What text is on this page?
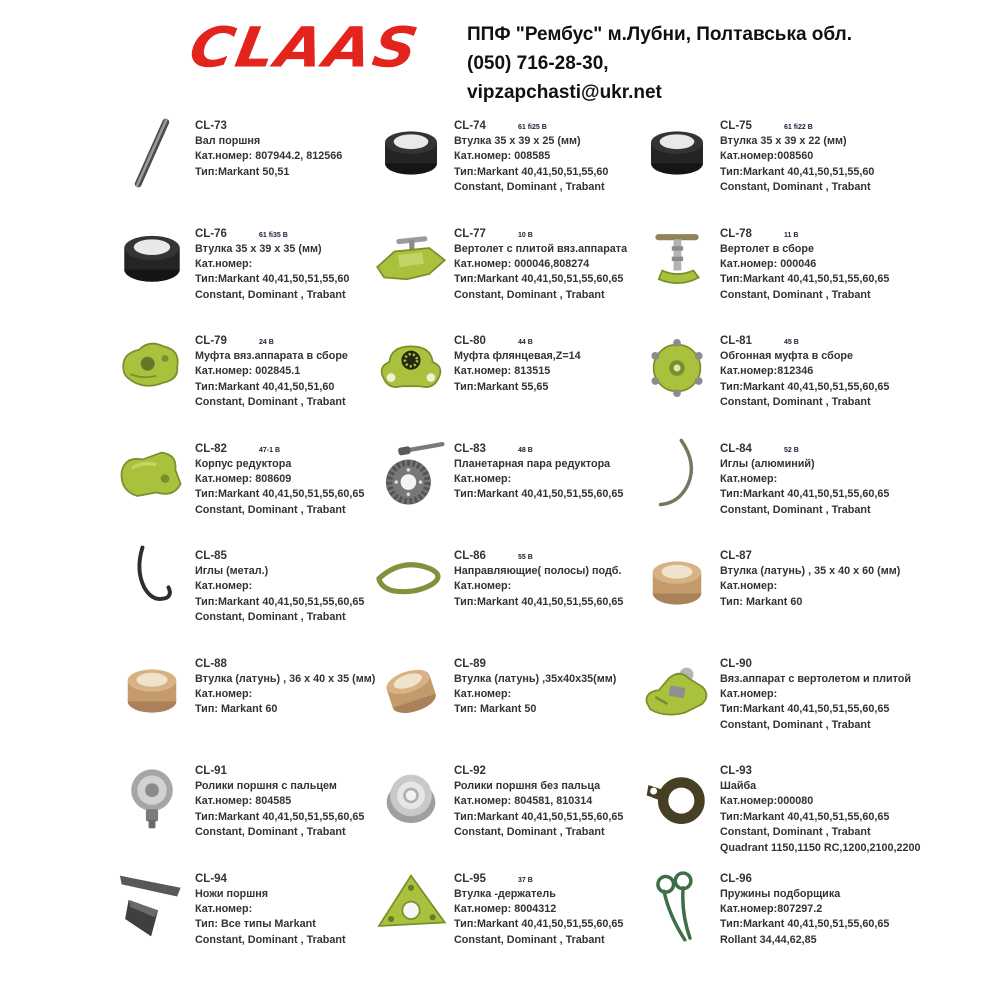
CLAAS ППФ "Рембус" м.Лубни, Полтавська обл.
(050) 716-28-30,
vipzapchasti@ukr.net
CL-73
Вал поршня
Кат.номер: 807944.2, 812566
Тип:Markant 50,51
CL-74	61 fi25 В
Втулка 35 х 39 х 25 (мм)
Кат.номер: 008585
Тип:Markant 40,41,50,51,55,60
Constant, Dominant , Trabant
CL-75	61 fi22 В
Втулка 35 х 39 х 22 (мм)
Кат.номер:008560
Тип:Markant 40,41,50,51,55,60
Constant, Dominant , Trabant
CL-76	61 fi35 В
Втулка 35 х 39 х 35 (мм)
Кат.номер:
Тип:Markant 40,41,50,51,55,60
Constant, Dominant , Trabant
CL-77	10 В
Вертолет с плитой вяз.аппарата
Кат.номер: 000046,808274
Тип:Markant 40,41,50,51,55,60,65
Constant, Dominant , Trabant
CL-78	11 В
Вертолет в сборе
Кат.номер: 000046
Тип:Markant 40,41,50,51,55,60,65
Constant, Dominant , Trabant
CL-79	24 В
Муфта вяз.аппарата в сборе
Кат.номер: 002845.1
Тип:Markant 40,41,50,51,60
Constant, Dominant , Trabant
CL-80	44 В
Муфта флянцевая,Z=14
Кат.номер: 813515
Тип:Markant 55,65
CL-81	45 В
Обгонная муфта в сборе
Кат.номер:812346
Тип:Markant 40,41,50,51,55,60,65
Constant, Dominant , Trabant
CL-82	47-1 В
Корпус редуктора
Кат.номер: 808609
Тип:Markant 40,41,50,51,55,60,65
Constant, Dominant , Trabant
CL-83	48 В
Планетарная пара редуктора
Кат.номер:
Тип:Markant 40,41,50,51,55,60,65
CL-84	52 В
Иглы (алюминий)
Кат.номер:
Тип:Markant 40,41,50,51,55,60,65
Constant, Dominant , Trabant
CL-85
Иглы (метал.)
Кат.номер:
Тип:Markant 40,41,50,51,55,60,65
Constant, Dominant , Trabant
CL-86	55 В
Направляющие( полосы) подб.
Кат.номер:
Тип:Markant 40,41,50,51,55,60,65
CL-87
Втулка (латунь) , 35 х 40 х 60 (мм)
Кат.номер:
Тип: Markant 60
CL-88
Втулка (латунь) , 36 х 40 х 35 (мм)
Кат.номер:
Тип: Markant 60
CL-89
Втулка (латунь) ,35х40х35(мм)
Кат.номер:
Тип: Markant 50
CL-90
Вяз.аппарат с вертолетом и плитой
Кат.номер:
Тип:Markant 40,41,50,51,55,60,65
Constant, Dominant , Trabant
CL-91
Ролики поршня с пальцем
Кат.номер: 804585
Тип:Markant 40,41,50,51,55,60,65
Constant, Dominant , Trabant
CL-92
Ролики поршня без пальца
Кат.номер: 804581, 810314
Тип:Markant 40,41,50,51,55,60,65
Constant, Dominant , Trabant
CL-93
Шайба
Кат.номер:000080
Тип:Markant 40,41,50,51,55,60,65
Constant, Dominant , Trabant
Quadrant 1150,1150 RC,1200,2100,2200
CL-94
Ножи поршня
Кат.номер:
Тип: Все типы Markant
Constant, Dominant , Trabant
CL-95	37 В
Втулка -держатель
Кат.номер: 8004312
Тип:Markant 40,41,50,51,55,60,65
Constant, Dominant , Trabant
CL-96
Пружины подборщика
Кат.номер:807297.2
Тип:Markant 40,41,50,51,55,60,65
Rollant 34,44,62,85
